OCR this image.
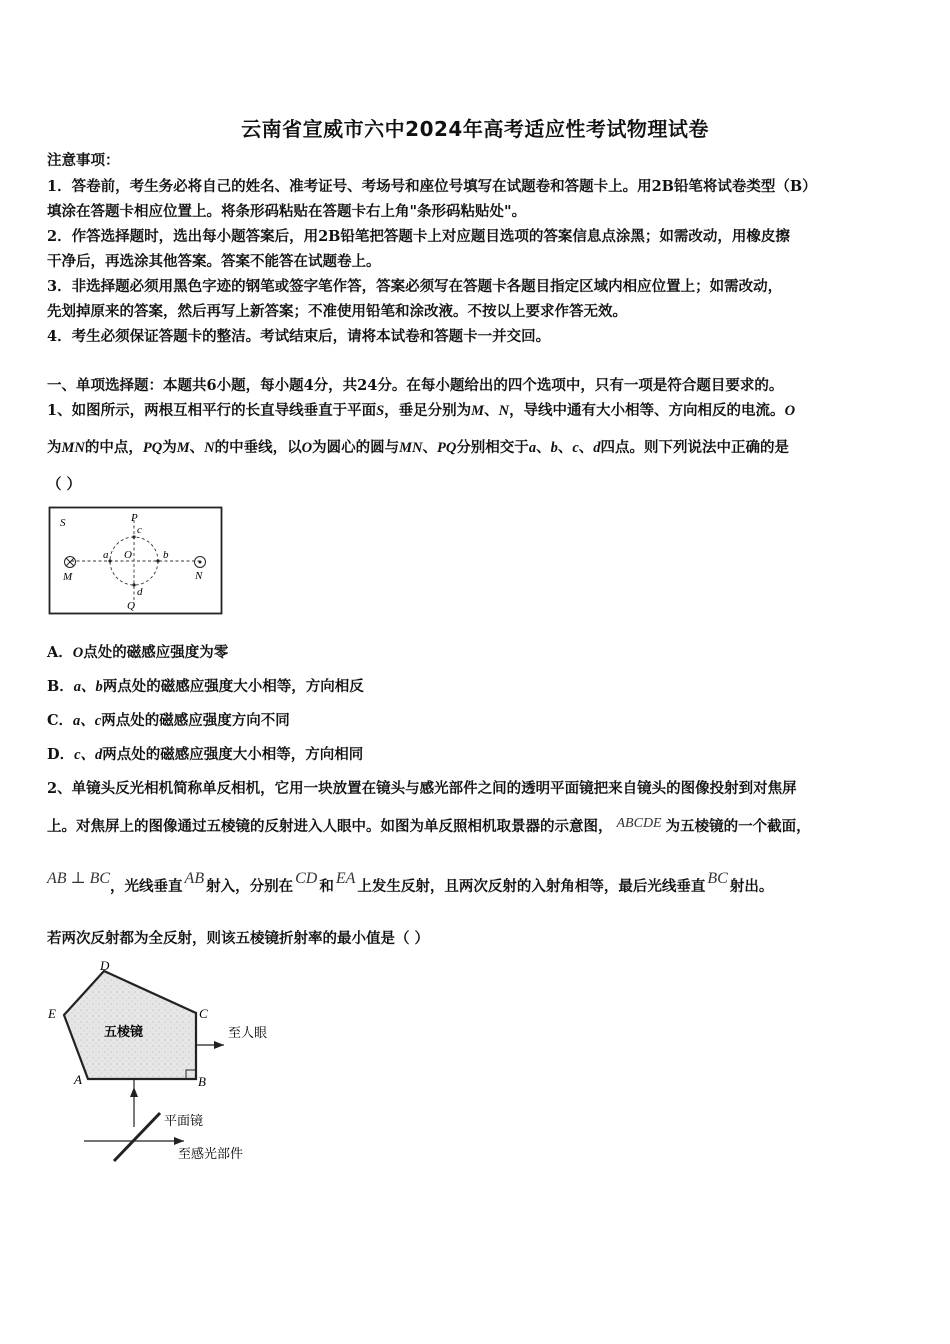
云南省宣威市六中2024年高考适应性考试物理试卷
注意事项：
1．答卷前，考生务必将自己的姓名、准考证号、考场号和座位号填写在试题卷和答题卡上。用2B铅笔将试卷类型（B）
填涂在答题卡相应位置上。将条形码粘贴在答题卡右上角"条形码粘贴处"。
2．作答选择题时，选出每小题答案后，用2B铅笔把答题卡上对应题目选项的答案信息点涂黑；如需改动，用橡皮擦
干净后，再选涂其他答案。答案不能答在试题卷上。
3．非选择题必须用黑色字迹的钢笔或签字笔作答，答案必须写在答题卡各题目指定区域内相应位置上；如需改动，
先划掉原来的答案，然后再写上新答案；不准使用铅笔和涂改液。不按以上要求作答无效。
4．考生必须保证答题卡的整洁。考试结束后，请将本试卷和答题卡一并交回。
一、单项选择题：本题共6小题，每小题4分，共24分。在每小题给出的四个选项中，只有一项是符合题目要求的。
1、如图所示，两根互相平行的长直导线垂直于平面S，垂足分别为M、N，导线中通有大小相等、方向相反的电流。O
为MN的中点，PQ为M、N的中垂线，以O为圆心的圆与MN、PQ分别相交于a、b、c、d四点。则下列说法中正确的是
（ ）
S	P
c
a O	b
M	N
d
Q
A．O点处的磁感应强度为零
B．a、b两点处的磁感应强度大小相等，方向相反
C．a、c两点处的磁感应强度方向不同
D．c、d两点处的磁感应强度大小相等，方向相同
2、单镜头反光相机简称单反相机，它用一块放置在镜头与感光部件之间的透明平面镜把来自镜头的图像投射到对焦屏
上。对焦屏上的图像通过五棱镜的反射进入人眼中。如图为单反照相机取景器的示意图， ABCDE 为五棱镜的一个截面，
AB ⊥ BC，光线垂直 AB 射入，分别在 CD 和 EA 上发生反射，且两次反射的入射角相等，最后光线垂直 BC 射出。
若两次反射都为全反射，则该五棱镜折射率的最小值是（ ）
D
E	C
A	B
五棱镜	至人眼
平面镜
至感光部件
